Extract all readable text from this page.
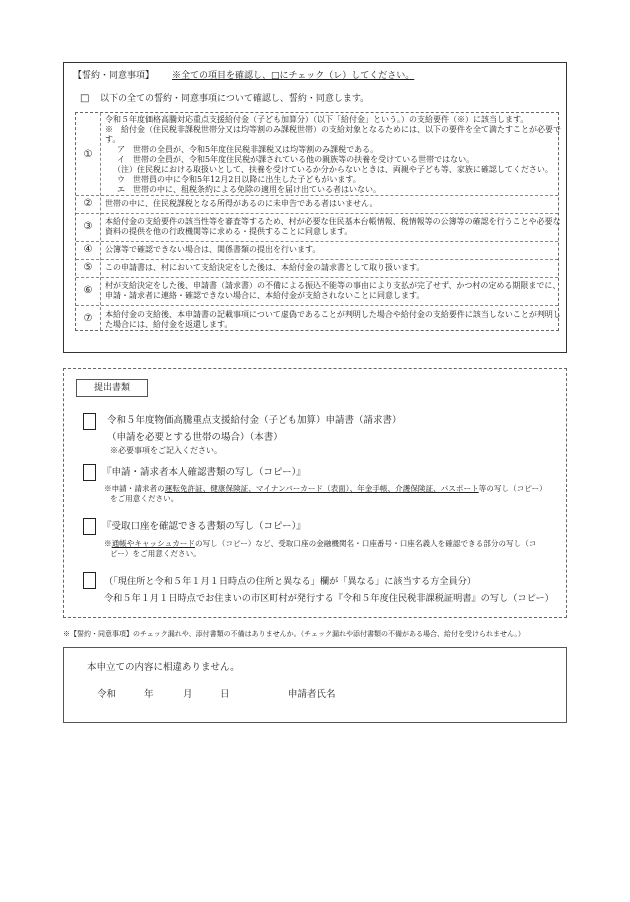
【誓約・同意事項】 ※全ての項目を確認し、□にチェック（レ）してください。
□ 以下の全ての誓約・同意事項について確認し、誓約・同意します。
①
令和５年度価格高騰対応重点支援給付金（子ども加算分）（以下「給付金」という。）の支給要件（※）に該当します。
※　給付金（住民税非課税世帯分又は均等割のみ課税世帯）の支給対象となるためには、以下の要件を全て満たすことが必要で
す。
　ア　世帯の全員が、令和5年度住民税非課税又は均等割のみ課税である。
　イ　世帯の全員が、令和5年度住民税が課されている他の親族等の扶養を受けている世帯ではない。
　（注）住民税における取扱いとして、扶養を受けているか分からないときは、両親や子ども等、家族に確認してください。
　ウ　世帯員の中に令和5年12月2日以降に出生した子どもがいます。
　エ　世帯の中に、租税条約による免除の適用を届け出ている者はいない。
②	世帯の中に、住民税課税となる所得があるのに未申告である者はいません。
③	本給付金の支給要件の該当性等を審査等するため、村が必要な住民基本台帳情報、税情報等の公簿等の確認を行うことや必要な
資料の提供を他の行政機関等に求める・提供することに同意します。
④	公簿等で確認できない場合は、関係書類の提出を行います。
⑤	この申請書は、村において支給決定をした後は、本給付金の請求書として取り扱います。
⑥	村が支給決定をした後、申請書（請求書）の不備による振込不能等の事由により支払が完了せず、かつ村の定める期限までに、
申請・請求者に連絡・確認できない場合に、本給付金が支給されないことに同意します。
⑦	本給付金の支給後、本申請書の記載事項について虚偽であることが判明した場合や給付金の支給要件に該当しないことが判明し
た場合には、給付金を返還します。
提出書類
令和５年度物価高騰重点支援給付金（子ども加算）申請書（請求書）
（申請を必要とする世帯の場合）（本書）
※必要事項をご記入ください。
『申請・請求者本人確認書類の写し（コピー）』
※申請・請求者の運転免許証、健康保険証、マイナンバーカード（表面）、年金手帳、介護保険証、パスポート等の写し（コピー）
をご用意ください。
『受取口座を確認できる書類の写し（コピー）』
※通帳やキャッシュカードの写し（コピー）など、受取口座の金融機関名・口座番号・口座名義人を確認できる部分の写し（コ
ピー）をご用意ください。
（「現住所と令和５年１月１日時点の住所と異なる」欄が「異なる」に該当する方全員分）
令和５年１月１日時点でお住まいの市区町村が発行する『令和５年度住民税非課税証明書』の写し（コピー）
※【誓約・同意事項】のチェック漏れや、添付書類の不備はありませんか。（チェック漏れや添付書類の不備がある場合、給付を受けられません。）
本申立ての内容に相違ありません。
令和	年	月	日	申請者氏名
